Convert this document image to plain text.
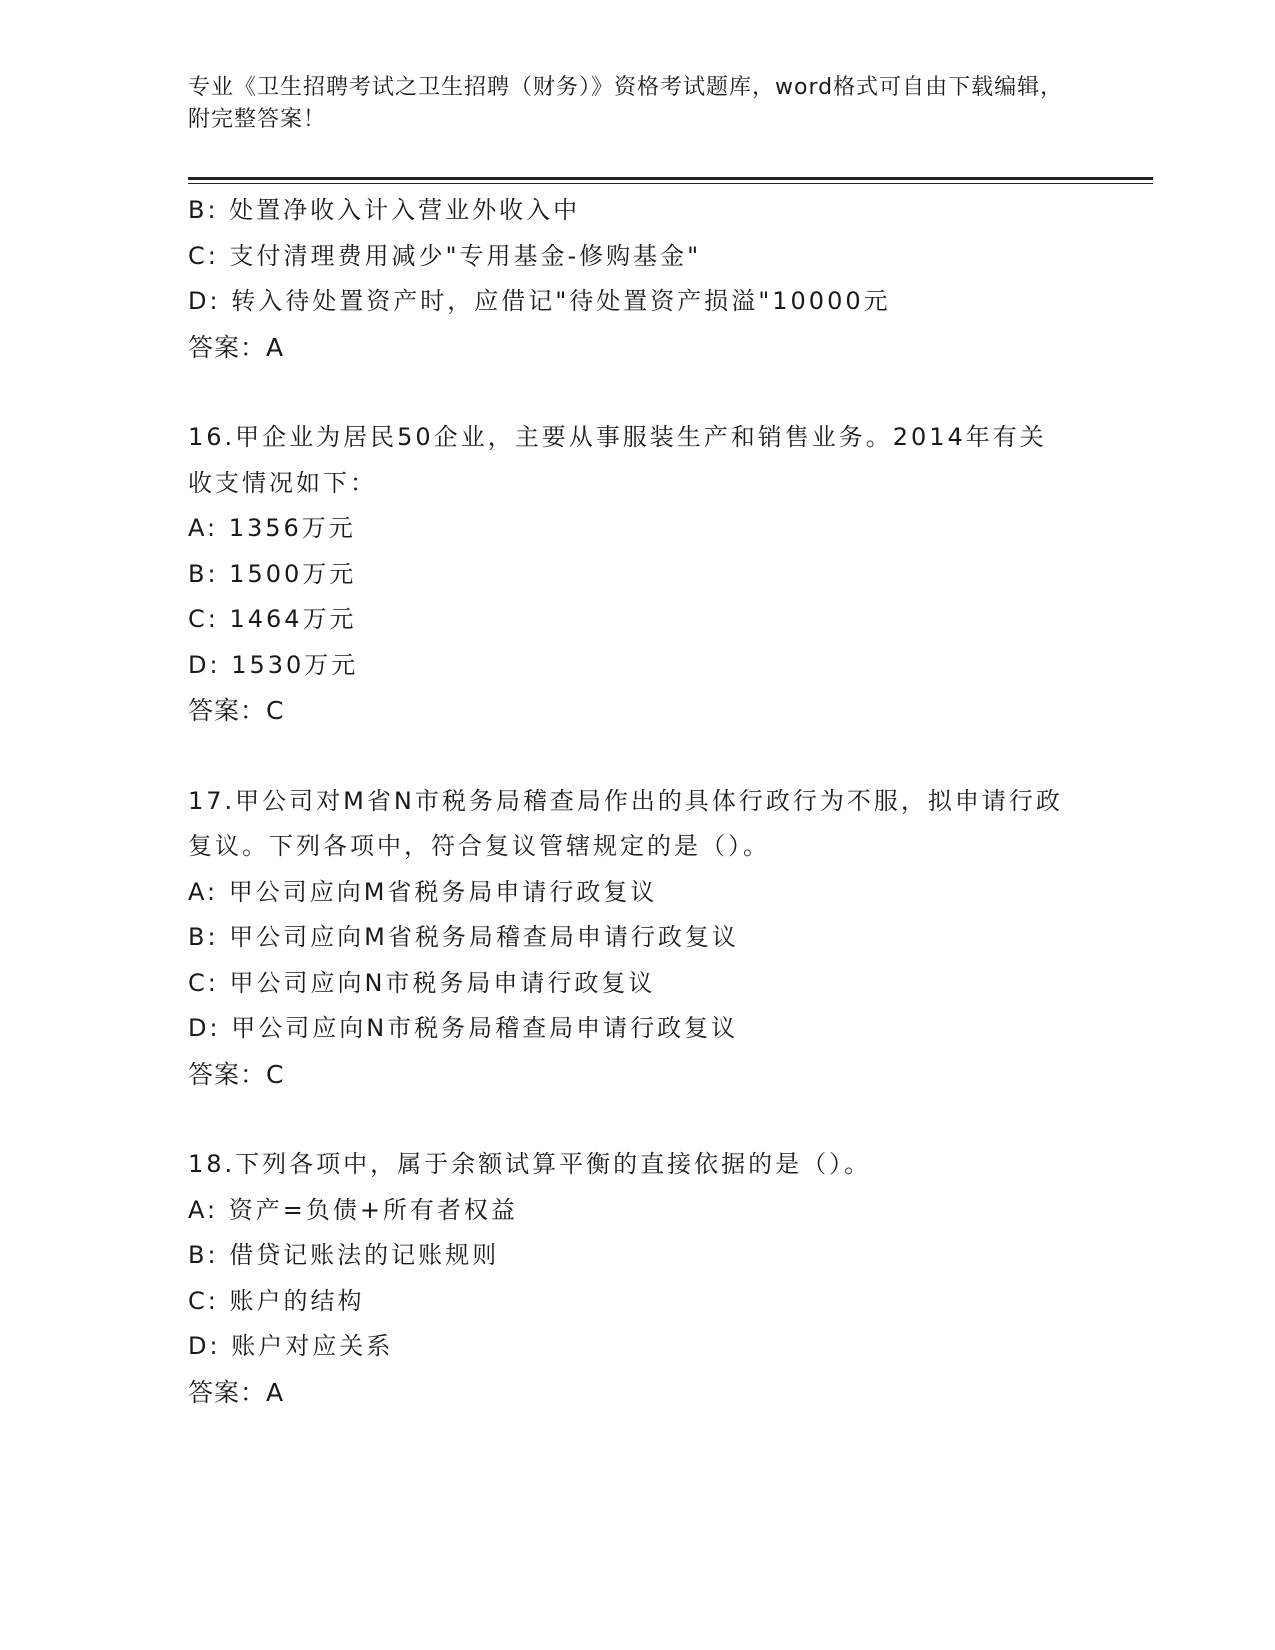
专业《卫生招聘考试之卫生招聘（财务）》资格考试题库，word格式可自由下载编辑，附完整答案！
B: 处置净收入计入营业外收入中
C: 支付清理费用减少"专用基金-修购基金"
D: 转入待处置资产时，应借记"待处置资产损溢"10000元
答案：A
16.甲企业为居民50企业，主要从事服装生产和销售业务。2014年有关收支情况如下：
A: 1356万元
B: 1500万元
C: 1464万元
D: 1530万元
答案：C
17.甲公司对M省N市税务局稽查局作出的具体行政行为不服，拟申请行政复议。下列各项中，符合复议管辖规定的是（）。
A: 甲公司应向M省税务局申请行政复议
B: 甲公司应向M省税务局稽查局申请行政复议
C: 甲公司应向N市税务局申请行政复议
D: 甲公司应向N市税务局稽查局申请行政复议
答案：C
18.下列各项中，属于余额试算平衡的直接依据的是（）。
A: 资产=负债+所有者权益
B: 借贷记账法的记账规则
C: 账户的结构
D: 账户对应关系
答案：A
